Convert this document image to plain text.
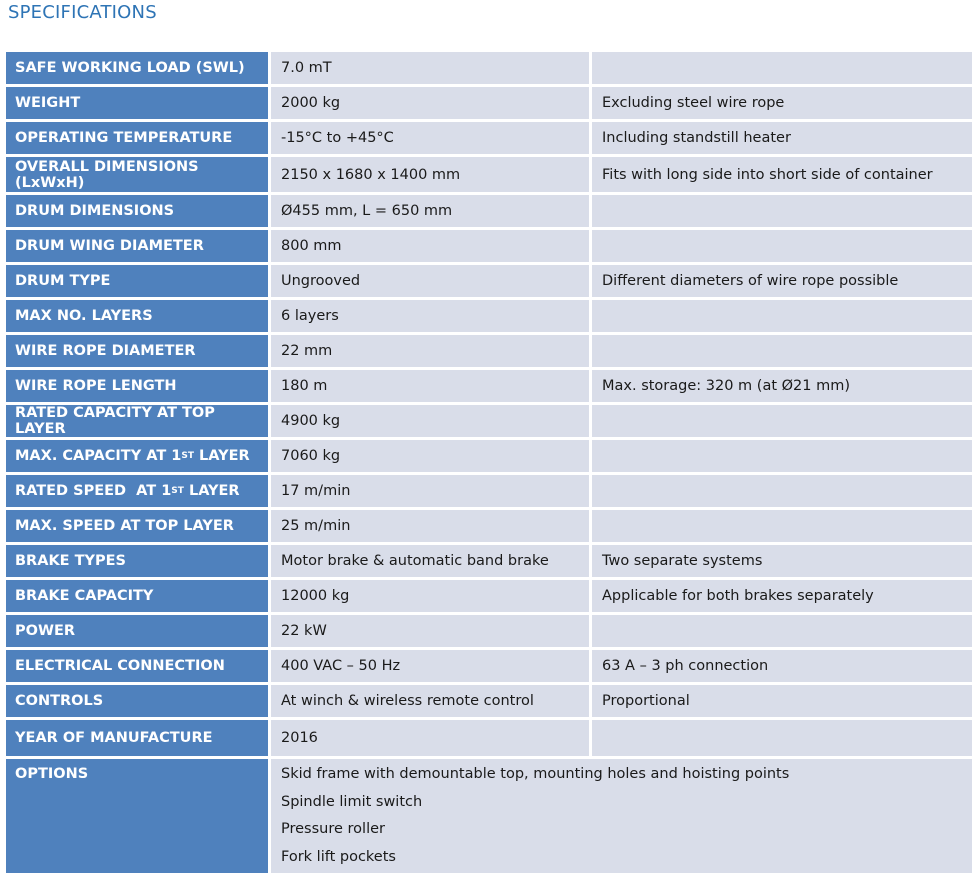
SPECIFICATIONS
SAFE WORKING LOAD (SWL)	7.0 mT
WEIGHT	2000 kg	Excluding steel wire rope
OPERATING TEMPERATURE	-15°C to +45°C	Including standstill heater
OVERALL DIMENSIONS (LxWxH)	2150 x 1680 x 1400 mm	Fits with long side into short side of container
DRUM DIMENSIONS	Ø455 mm, L = 650 mm
DRUM WING DIAMETER	800 mm
DRUM TYPE	Ungrooved	Different diameters of wire rope possible
MAX NO. LAYERS	6 layers
WIRE ROPE DIAMETER	22 mm
WIRE ROPE LENGTH	180 m	Max. storage: 320 m (at Ø21 mm)
RATED CAPACITY AT TOP LAYER	4900 kg
MAX. CAPACITY AT 1 ST LAYER	7060 kg
RATED SPEED  AT 1 ST LAYER	17 m/min
MAX. SPEED AT TOP LAYER	25 m/min
BRAKE TYPES	Motor brake & automatic band brake	Two separate systems
BRAKE CAPACITY	12000 kg	Applicable for both brakes separately
POWER	22 kW
ELECTRICAL CONNECTION	400 VAC – 50 Hz	63 A – 3 ph connection
CONTROLS	At winch & wireless remote control	Proportional
YEAR OF MANUFACTURE	2016
OPTIONS	Skid frame with demountable top, mounting holes and hoisting points
Spindle limit switch
Pressure roller
Fork lift pockets
